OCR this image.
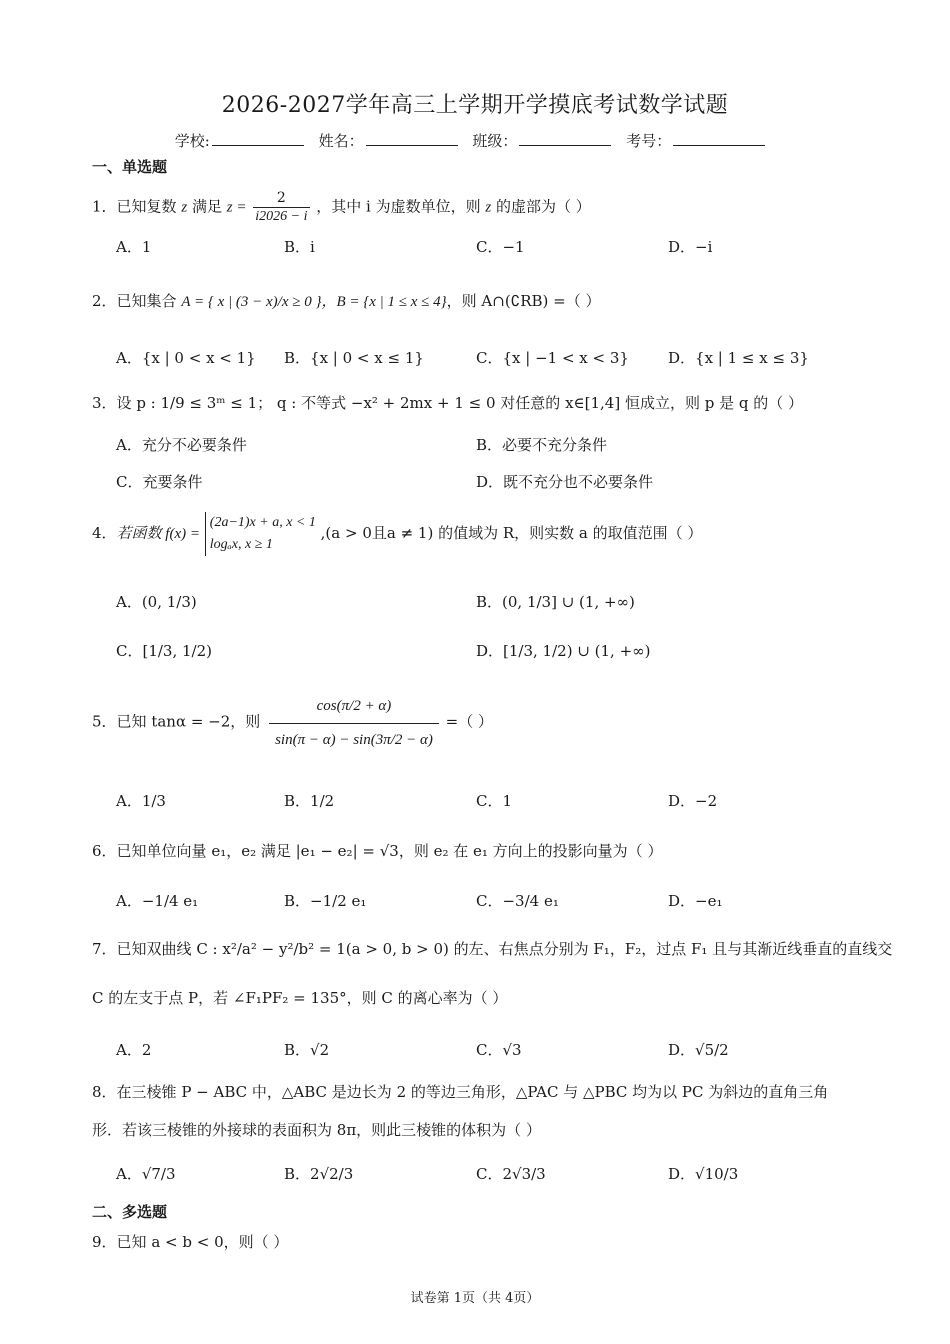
2026-2027学年高三上学期开学摸底考试数学试题
学校:	姓名：	班级：	考号：
一、单选题
1．已知复数 z 满足 $z = \frac{2}{i2026 - i}$ ，其中 i 为虚数单位，则 z 的虚部为（ ）
A．1	B．i	C．−1	D．−i
2．已知集合 A = { x | (3 − x)/x ≥ 0 }，B = {x | 1 ≤ x ≤ 4}，则 A∩(∁RB) =（ ）
A．{x | 0 < x < 1} B．{x | 0 < x ≤ 1}	C．{x | −1 < x < 3}	D．{x | 1 ≤ x ≤ 3}
3．设 p : 1/9 ≤ 3ᵐ ≤ 1； q : 不等式 −x² + 2mx + 1 ≤ 0 对任意的 x∈[1,4] 恒成立，则 p 是 q 的（ ）
A．充分不必要条件	B．必要不充分条件
C．充要条件	D．既不充分也不必要条件
4．若函数 f(x) =
(2a−1)x + a, x < 1
logₐx, x ≥ 1
,(a > 0且a ≠ 1) 的值域为 R，则实数 a 的取值范围（ ）
A．(0, 1/3)	B．(0, 1/3] ∪ (1, +∞)
C．[1/3, 1/2)	D．[1/3, 1/2) ∪ (1, +∞)
5．已知 tanα = −2，则 $\frac{\cos(\pi/2 + \alpha)}{\sin(\pi - \alpha) - \sin(3\pi/2 - \alpha)}$ =（ ）
A．1/3	B．1/2	C．1	D．−2
6．已知单位向量 e₁，e₂ 满足 |e₁ − e₂| = √3，则 e₂ 在 e₁ 方向上的投影向量为（ ）
A．−1/4 e₁	B．−1/2 e₁	C．−3/4 e₁	D．−e₁
7．已知双曲线 C : x²/a² − y²/b² = 1(a > 0, b > 0) 的左、右焦点分别为 F₁，F₂，过点 F₁ 且与其渐近线垂直的直线交
C 的左支于点 P，若 ∠F₁PF₂ = 135°，则 C 的离心率为（ ）
A．2	B．√2	C．√3	D．√5/2
8．在三棱锥 P − ABC 中，△ABC 是边长为 2 的等边三角形，△PAC 与 △PBC 均为以 PC 为斜边的直角三角
形．若该三棱锥的外接球的表面积为 8π，则此三棱锥的体积为（ ）
A．√7/3	B．2√2/3	C．2√3/3	D．√10/3
二、多选题
9．已知 a < b < 0，则（ ）
试卷第 1页（共 4页）
